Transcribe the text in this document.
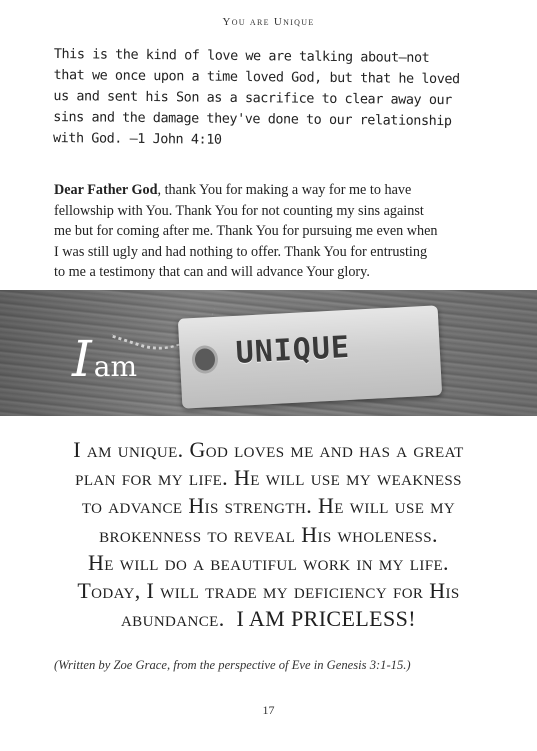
You are Unique
This is the kind of love we are talking about—not
that we once upon a time loved God, but that he loved
us and sent his Son as a sacrifice to clear away our
sins and the damage they've done to our relationship
with God. —1 John 4:10
Dear Father God, thank You for making a way for me to have
fellowship with You. Thank You for not counting my sins against
me but for coming after me. Thank You for pursuing me even when
I was still ugly and had nothing to offer. Thank You for entrusting
to me a testimony that can and will advance Your glory.
UNIQUE
Iam
I am unique. God loves me and has a great
plan for my life. He will use my weakness
to advance His strength. He will use my
brokenness to reveal His wholeness.
He will do a beautiful work in my life.
Today, I will trade my deficiency for His
abundance. I AM PRICELESS!
(Written by Zoe Grace, from the perspective of Eve in Genesis 3:1-15.)
17
